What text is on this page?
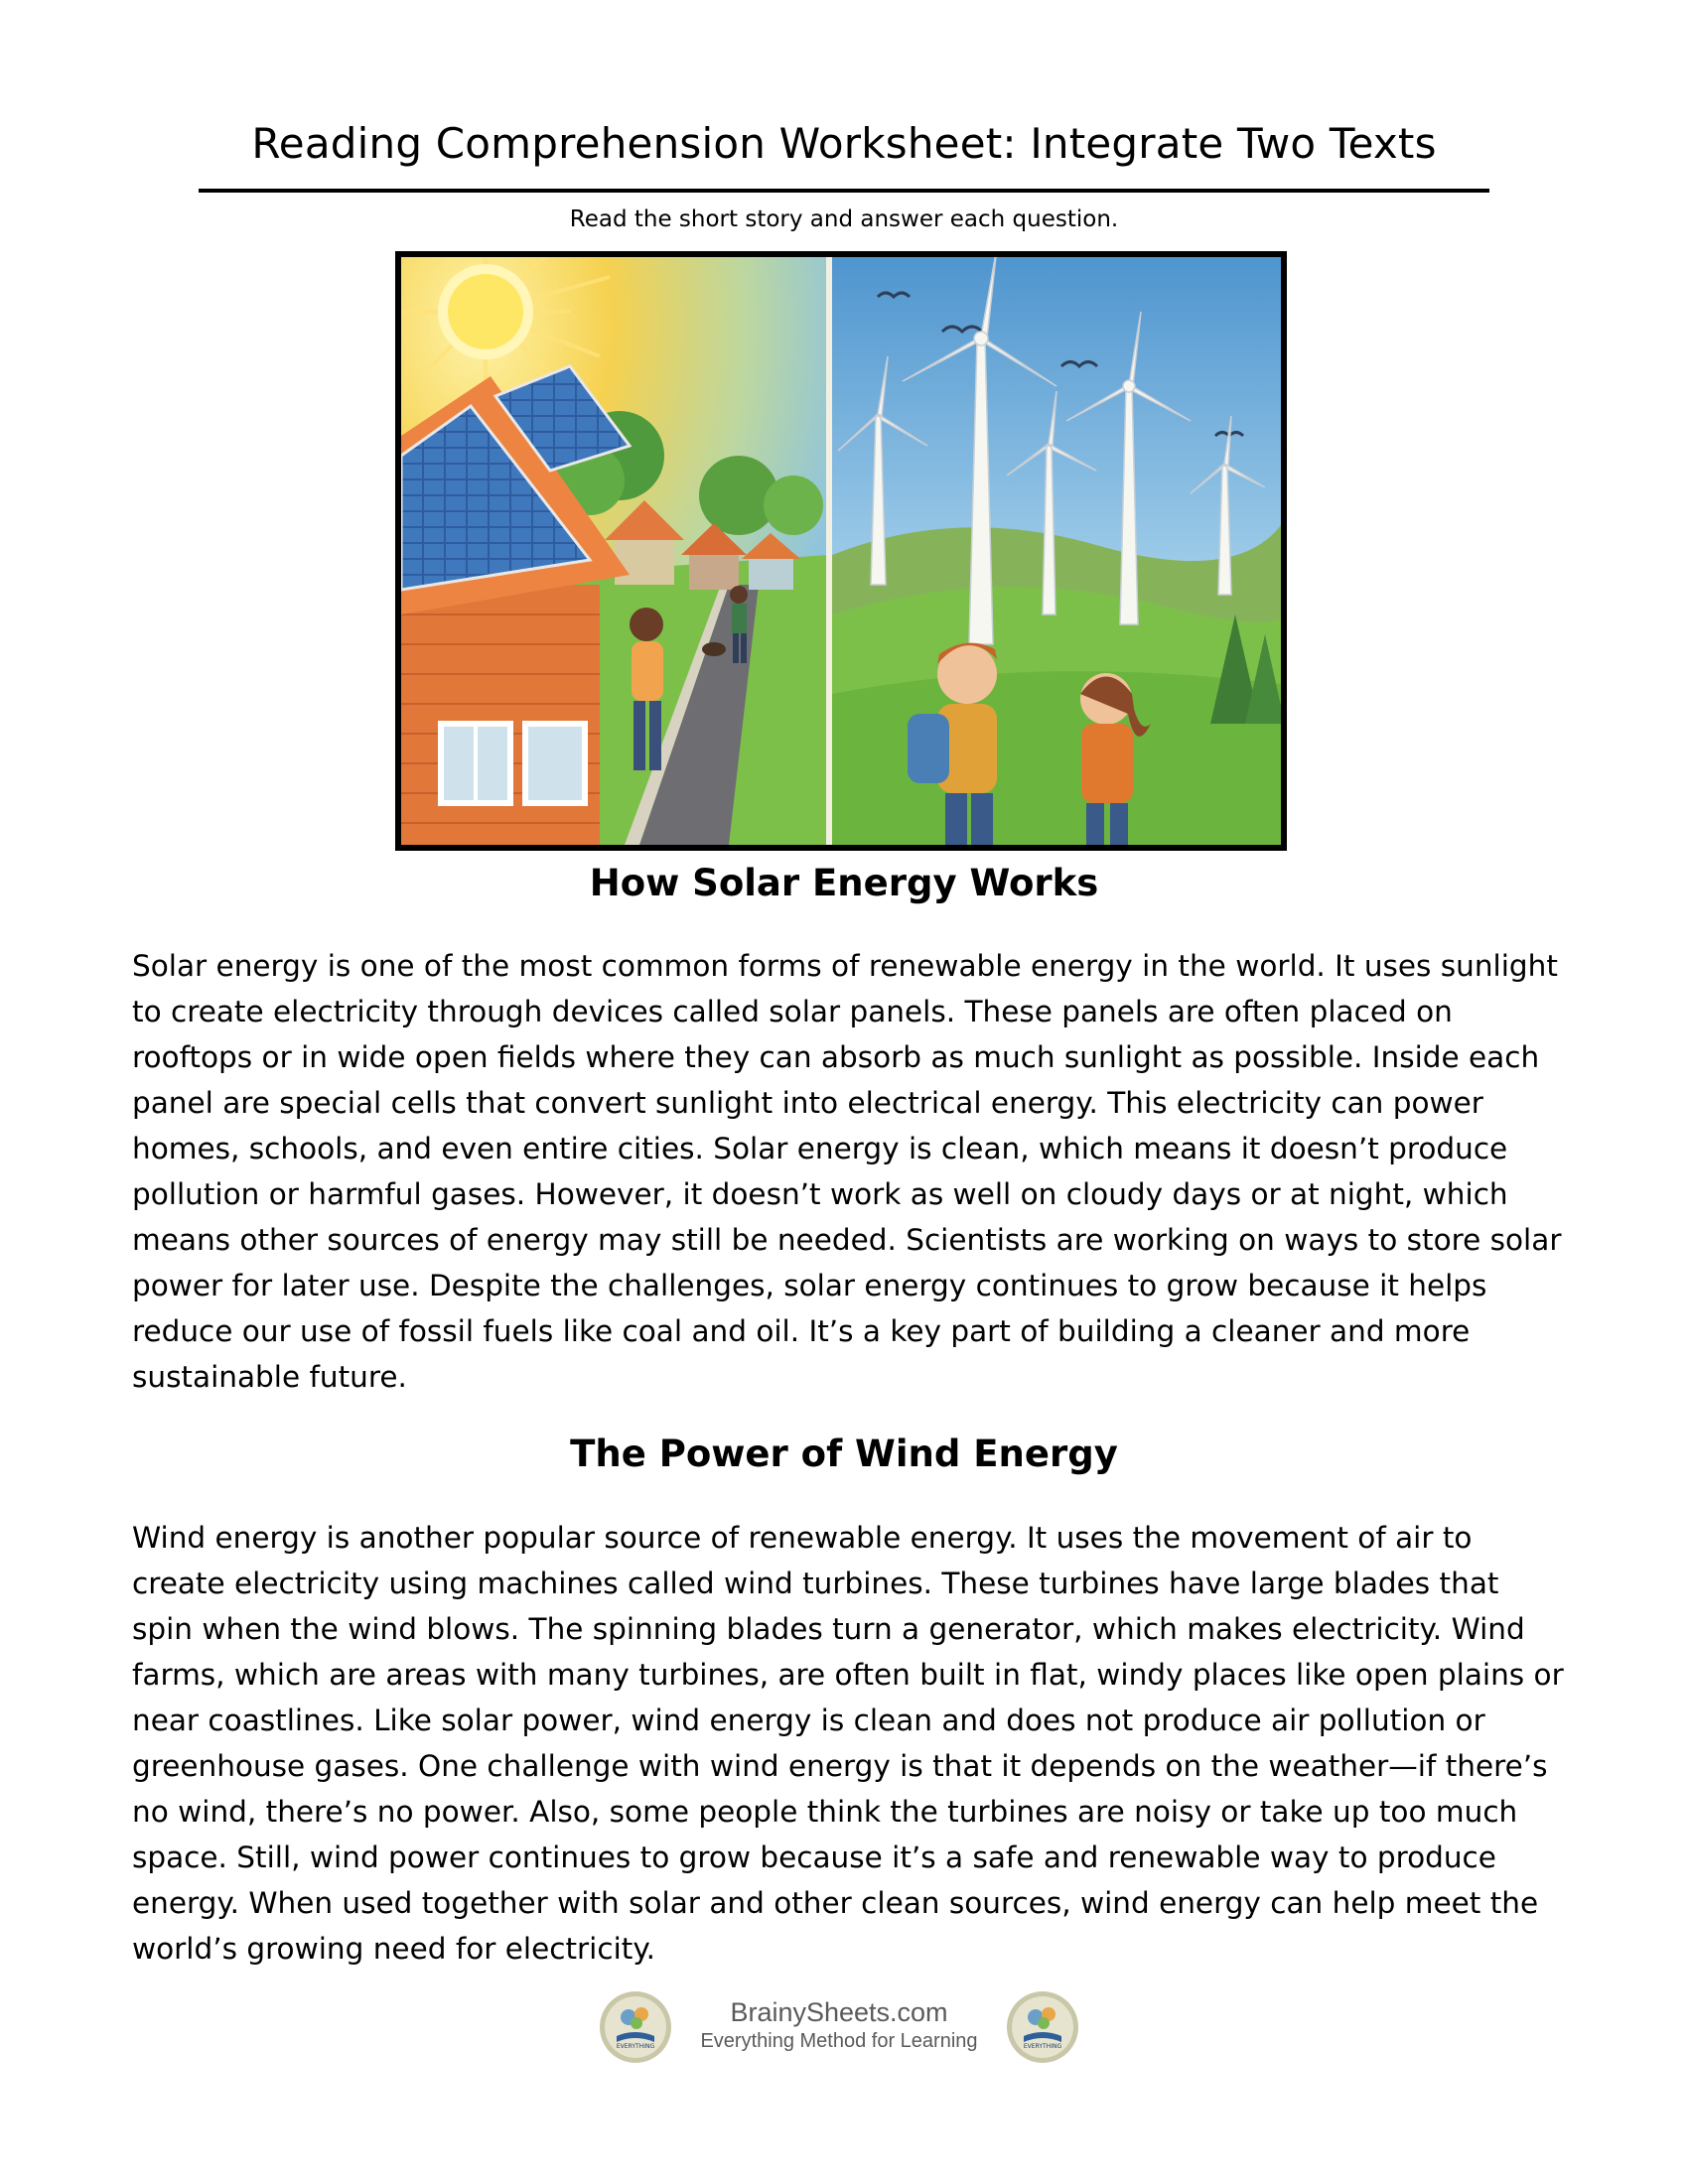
Reading Comprehension Worksheet: Integrate Two Texts
Read the short story and answer each question.
How Solar Energy Works

Solar energy is one of the most common forms of renewable energy in the world. It uses sunlight to create electricity through devices called solar panels. These panels are often placed on rooftops or in wide open fields where they can absorb as much sunlight as possible. Inside each panel are special cells that convert sunlight into electrical energy. This electricity can power homes, schools, and even entire cities. Solar energy is clean, which means it doesn’t produce pollution or harmful gases. However, it doesn’t work as well on cloudy days or at night, which means other sources of energy may still be needed. Scientists are working on ways to store solar power for later use. Despite the challenges, solar energy continues to grow because it helps reduce our use of fossil fuels like coal and oil. It’s a key part of building a cleaner and more sustainable future.

The Power of Wind Energy

Wind energy is another popular source of renewable energy. It uses the movement of air to create electricity using machines called wind turbines. These turbines have large blades that spin when the wind blows. The spinning blades turn a generator, which makes electricity. Wind farms, which are areas with many turbines, are often built in flat, windy places like open plains or near coastlines. Like solar power, wind energy is clean and does not produce air pollution or greenhouse gases. One challenge with wind energy is that it depends on the weather—if there’s no wind, there’s no power. Also, some people think the turbines are noisy or take up too much space. Still, wind power continues to grow because it’s a safe and renewable way to produce energy. When used together with solar and other clean sources, wind energy can help meet the world’s growing need for electricity.

EVERYTHING
BrainySheets.com
Everything Method for Learning	EVERYTHING
